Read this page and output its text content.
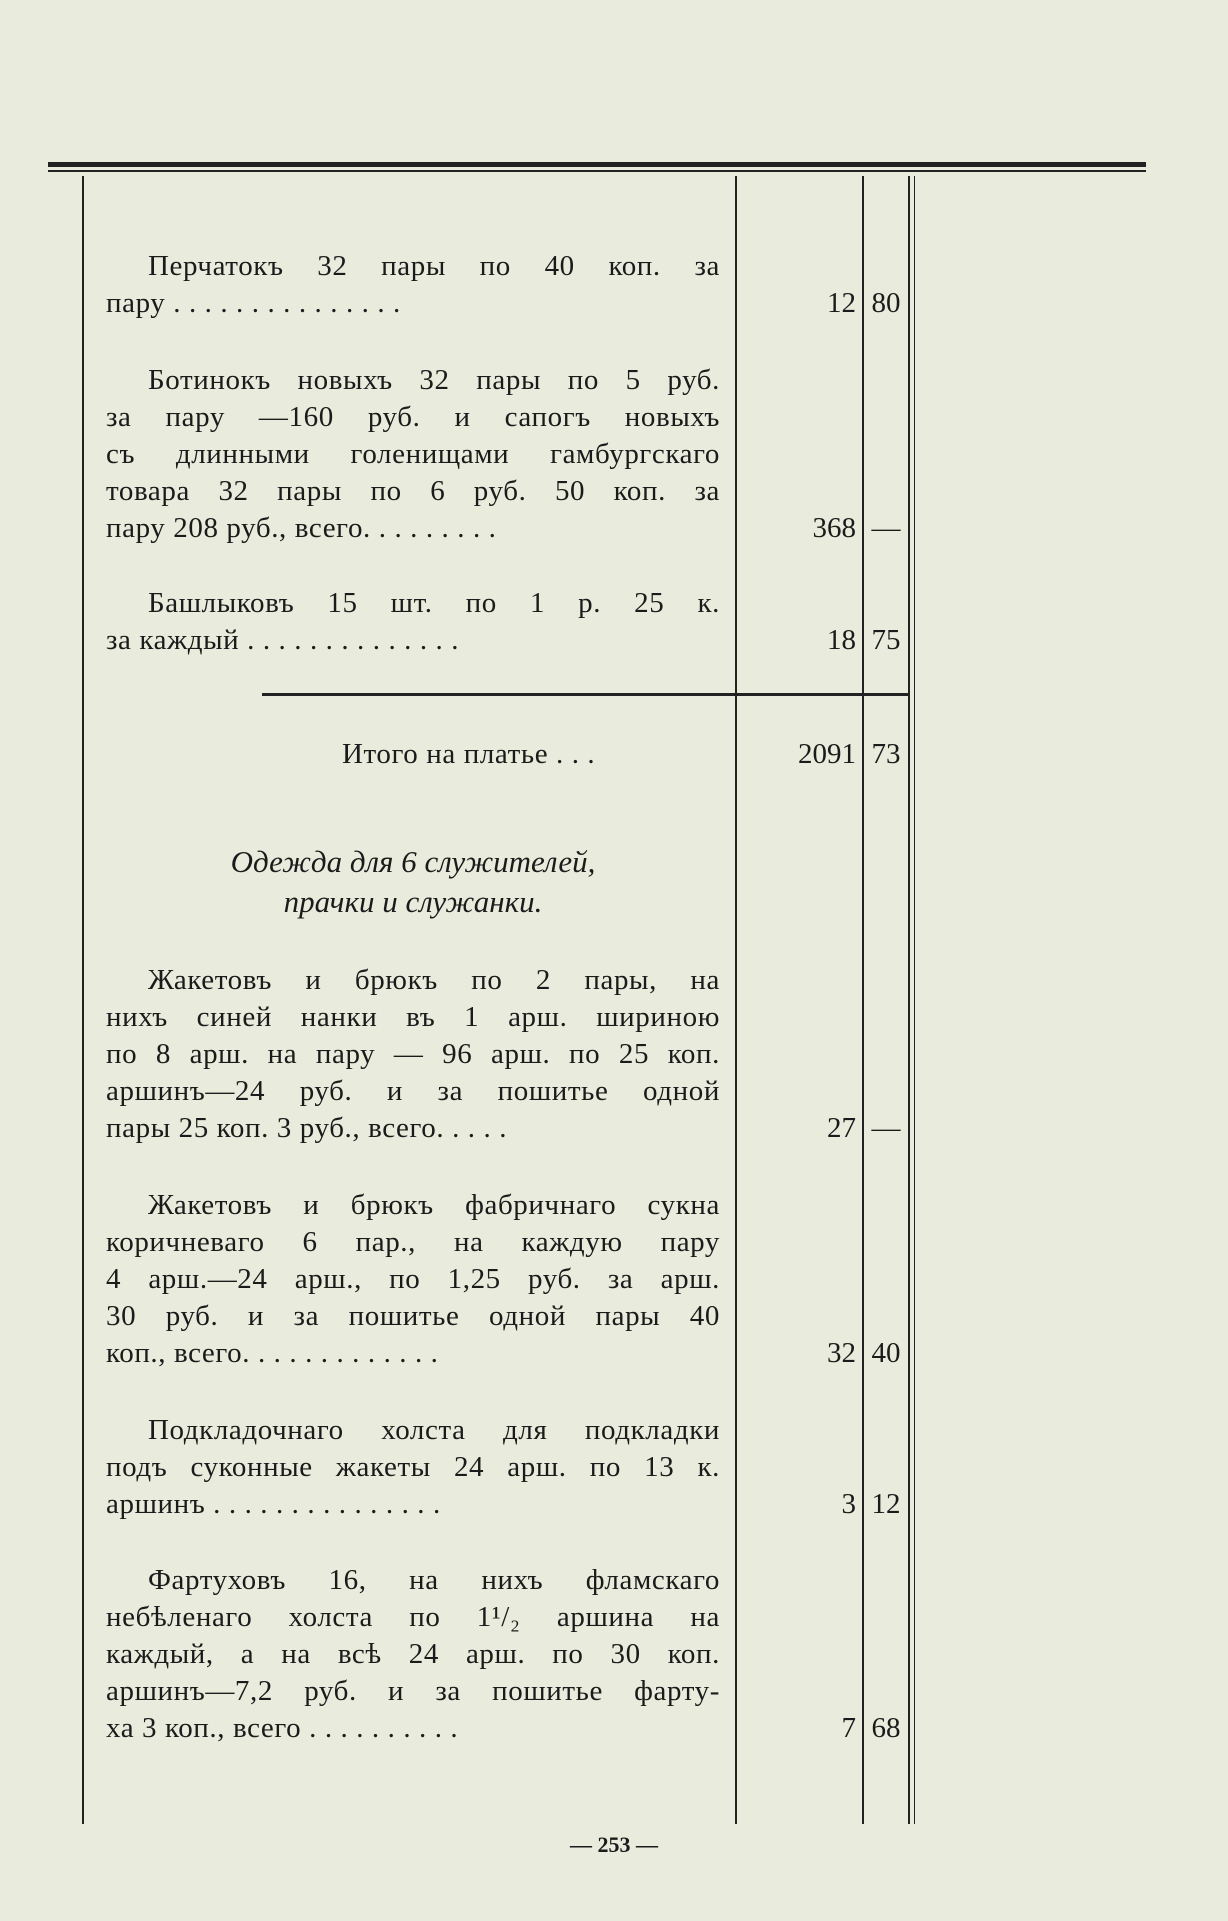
Перчатокъ 32 пары по 40 коп. за
пару . . . . . . . . . . . . . . .	12 80
Ботинокъ новыхъ 32 пары по 5 руб.
за пару —160 руб. и сапогъ новыхъ
съ длинными голенищами гамбургскаго
товара 32 пары по 6 руб. 50 коп. за
пару 208 руб., всего. . . . . . . . .	368 —
Башлыковъ 15 шт. по 1 р. 25 к.
за каждый . . . . . . . . . . . . . .	18 75
Итого на платье . . .	2091 73
Одежда для 6 служителей,
прачки и служанки.
Жакетовъ и брюкъ по 2 пары, на
нихъ синей нанки въ 1 арш. шириною
по 8 арш. на пару — 96 арш. по 25 коп.
аршинъ—24 руб. и за пошитье одной
пары 25 коп. 3 руб., всего. . . . .	27 —
Жакетовъ и брюкъ фабричнаго сукна
коричневаго 6 пар., на каждую пару
4 арш.—24 арш., по 1,25 руб. за арш.
30 руб. и за пошитье одной пары 40
коп., всего. . . . . . . . . . . . .	32 40
Подкладочнаго холста для подкладки
подъ суконные жакеты 24 арш. по 13 к.
аршинъ . . . . . . . . . . . . . . .	3 12
Фартуховъ 16, на нихъ фламскаго
небѣленаго холста по 1¹/₂ аршина на
каждый, а на всѣ 24 арш. по 30 коп.
аршинъ—7,2 руб. и за пошитье фарту-
ха 3 коп., всего . . . . . . . . . .	7 68
— 253 —
